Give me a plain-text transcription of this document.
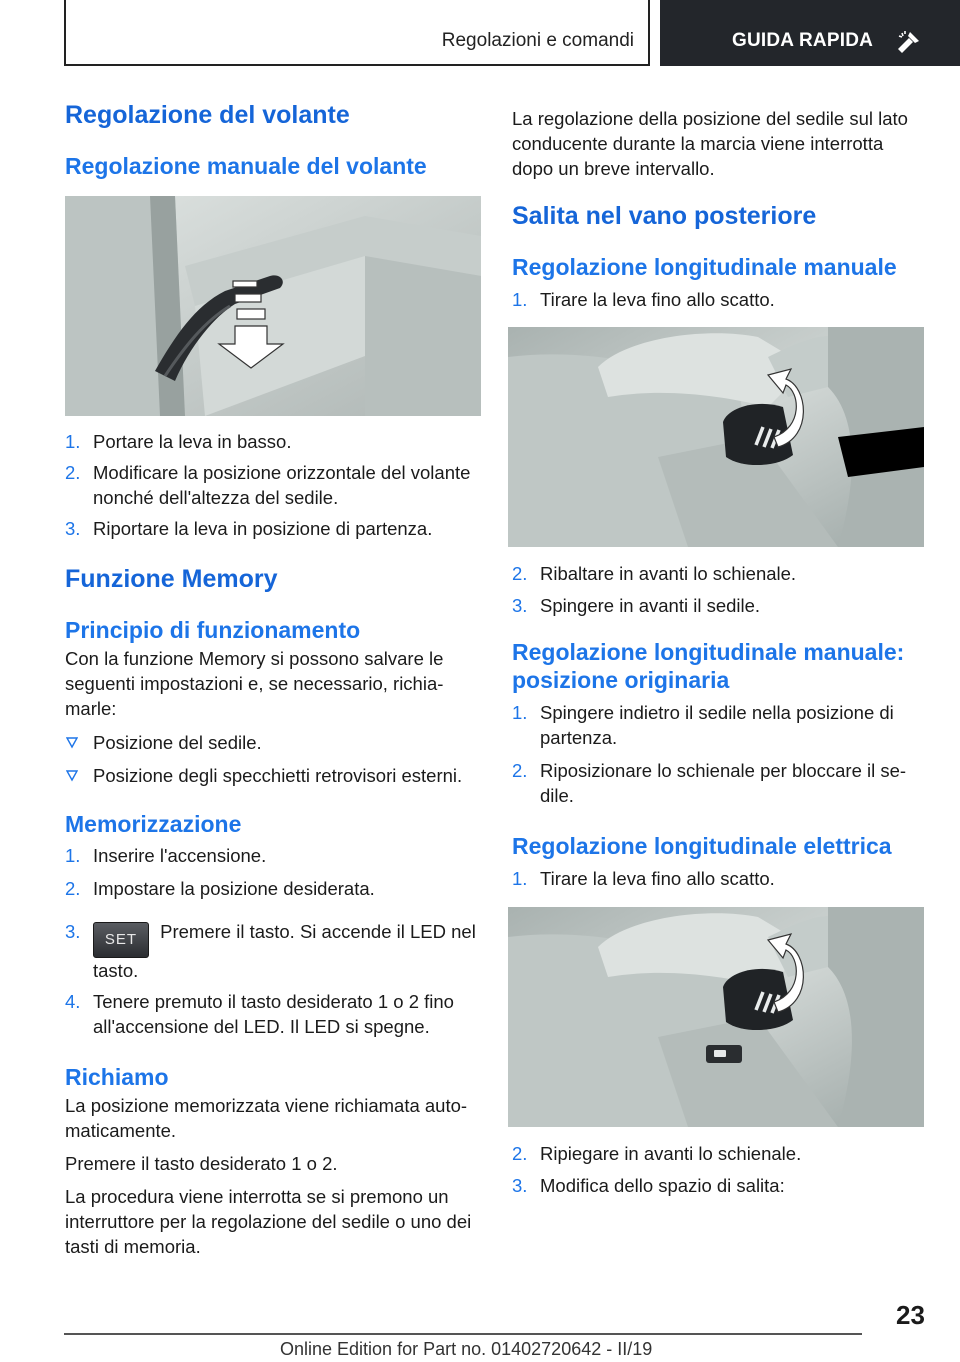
Regolazioni e comandi	GUIDA RAPIDA
Regolazione del volante
Regolazione manuale del volante
1. Portare la leva in basso.
2. Modificare la posizione orizzontale del volante nonché dell'altezza del sedile.
3. Riportare la leva in posizione di partenza.
Funzione Memory
Principio di funzionamento
Con la funzione Memory si possono salvare le seguenti impostazioni e, se necessario, richiamarle:
Posizione del sedile.
Posizione degli specchietti retrovisori esterni.
Memorizzazione
1. Inserire l'accensione.
2. Impostare la posizione desiderata.
3. SET Premere il tasto. Si accende il LED nel tasto.
4. Tenere premuto il tasto desiderato 1 o 2 fino all'accensione del LED. Il LED si spegne.
Richiamo
La posizione memorizzata viene richiamata automaticamente.
Premere il tasto desiderato 1 o 2.
La procedura viene interrotta se si premono un interruttore per la regolazione del sedile o uno dei tasti di memoria.
La regolazione della posizione del sedile sul lato conducente durante la marcia viene interrotta dopo un breve intervallo.
Salita nel vano posteriore
Regolazione longitudinale manuale
1. Tirare la leva fino allo scatto.
2. Ribaltare in avanti lo schienale.
3. Spingere in avanti il sedile.
Regolazione longitudinale manuale: posizione originaria
1. Spingere indietro il sedile nella posizione di partenza.
2. Riposizionare lo schienale per bloccare il sedile.
Regolazione longitudinale elettrica
1. Tirare la leva fino allo scatto.
2. Ripiegare in avanti lo schienale.
3. Modifica dello spazio di salita:
23
Online Edition for Part no. 01402720642 - II/19
